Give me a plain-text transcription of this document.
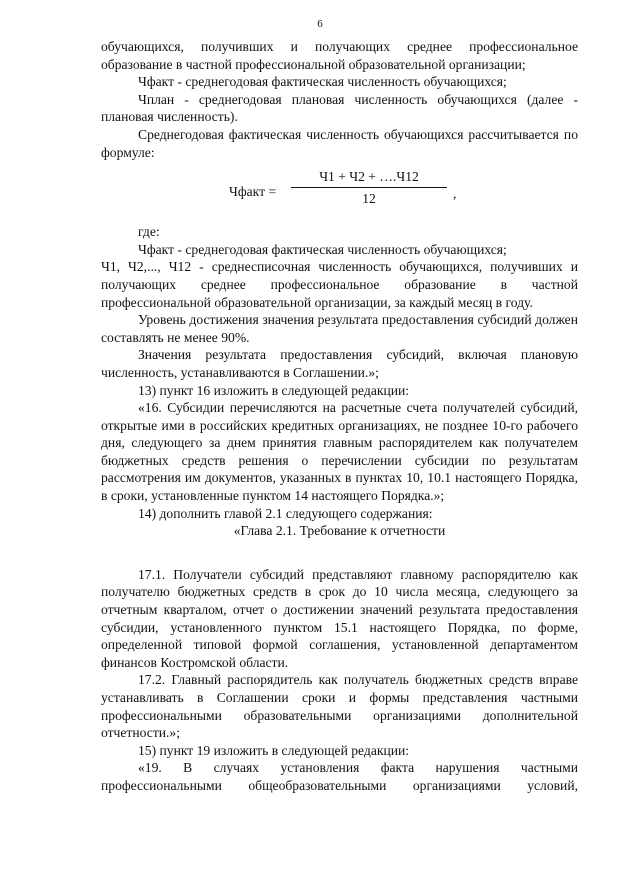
6

обучающихся, получивших и получающих среднее профессиональное образование в частной профессиональной образовательной организации;

Чфакт - среднегодовая фактическая численность обучающихся;

Чплан - среднегодовая плановая численность обучающихся (далее - плановая численность).

Среднегодовая фактическая численность обучающихся рассчитывается по формуле:

Чфакт =
Ч1 + Ч2 + ….Ч12
12	,

где:

Чфакт - среднегодовая фактическая численность обучающихся;

Ч1, Ч2,..., Ч12 - среднесписочная численность обучающихся, получивших и получающих среднее профессиональное образование в частной профессиональной образовательной организации, за каждый месяц в году.

Уровень достижения значения результата предоставления субсидий должен составлять не менее 90%.

Значения результата предоставления субсидий, включая плановую численность, устанавливаются в Соглашении.»;

13) пункт 16 изложить в следующей редакции:

«16. Субсидии перечисляются на расчетные счета получателей субсидий, открытые ими в российских кредитных организациях, не позднее 10-го рабочего дня, следующего за днем принятия главным распорядителем как получателем бюджетных средств решения о перечислении субсидии по результатам рассмотрения им документов, указанных в пунктах 10, 10.1 настоящего Порядка, в сроки, установленные пунктом 14 настоящего Порядка.»;

14) дополнить главой 2.1 следующего содержания:

«Глава 2.1. Требование к отчетности

17.1. Получатели субсидий представляют главному распорядителю как получателю бюджетных средств в срок до 10 числа месяца, следующего за отчетным кварталом, отчет о достижении значений результата предоставления субсидии, установленного пунктом 15.1 настоящего Порядка, по форме, определенной типовой формой соглашения, установленной департаментом финансов Костромской области.

17.2. Главный распорядитель как получатель бюджетных средств вправе устанавливать в Соглашении сроки и формы представления частными профессиональными образовательными организациями дополнительной отчетности.»;

15) пункт 19 изложить в следующей редакции:

«19. В случаях установления факта нарушения частными профессиональными общеобразовательными организациями условий,
